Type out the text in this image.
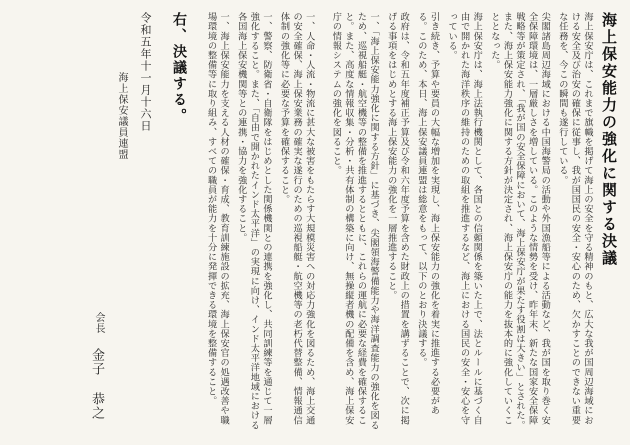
海上保安能力の強化に関する決議
海上保安庁は、これまで旗幟を掲げて海上の安全を守る精神のもと、広大な我が国周辺海域における安全及び治安の確保に従事し、我が国国民の安全・安心のため、欠かすことのできない重要な任務を、今この瞬間も遂行している。
尖閣諸島周辺海域における中国海警局の活動や外国漁船等による活動など、我が国を取り巻く安全保障環境は、一層厳しさを増している。このような情勢を受け、昨年末、新たな国家安全保障戦略等が策定され、「我が国の安全保障において、海上保安庁が果たす役割は大きい」とされた。また、海上保安能力強化に関する方針が決定され、海上保安庁の能力を抜本的に強化していくこととなった。
海上保安庁は、海上法執行機関として、各国との信頼関係を築いた上で、法とルールに基づく自由で開かれた海洋秩序の維持のための取組を推進するなど、海上における国民の安全・安心を守っている。
引き続き、予算や要員の大幅な増加を実現し、海上保安能力の強化を着実に推進する必要がある。このため、本日、海上保安議員連盟は総意をもって、以下のとおり決議する。
政府は、令和五年度補正予算及び令和六年度予算を含めた財政上の措置を講ずることで、次に掲げる事項をはじめとする海上保安能力の強化を一層推進すること。
一、「海上保安能力強化に関する方針」に基づき、尖閣領海警備能力や海洋調査能力の強化を図るため、巡視船艇・航空機等の整備を推進するとともに、これらの運航に必要な経費を確保すること。また、高度な情報収集・分析・共有体制の構築に向け、無操縦者機の配備を含め、海上保安庁の情報システムの強化を図ること。
一、人命・人流・物流に甚大な被害をもたらす大規模災害への対応力強化を図るため、海上交通の安全確保、海上保安業務の確実な遂行のための巡視船艇・航空機等の老朽代替整備、情報通信体制の強化等に必要な予算を確保すること。
一、警察、防衛省・自衛隊をはじめとした関係機関との連携を強化し、共同訓練等を通じて一層強化すること。また、「自由で開かれたインド太平洋」の実現に向け、インド太平洋地域における各国海上保安機関等との連携・協力を強化すること。
一、海上保安能力を支える人材の確保・育成、教育訓練施設の拡充、海上保安官の処遇改善や職場環境の整備等に取り組み、すべての職員が能力を十分に発揮できる環境を整備すること。
右、決議する。
令和五年十一月十六日
海上保安議員連盟
会長
金子 恭之
